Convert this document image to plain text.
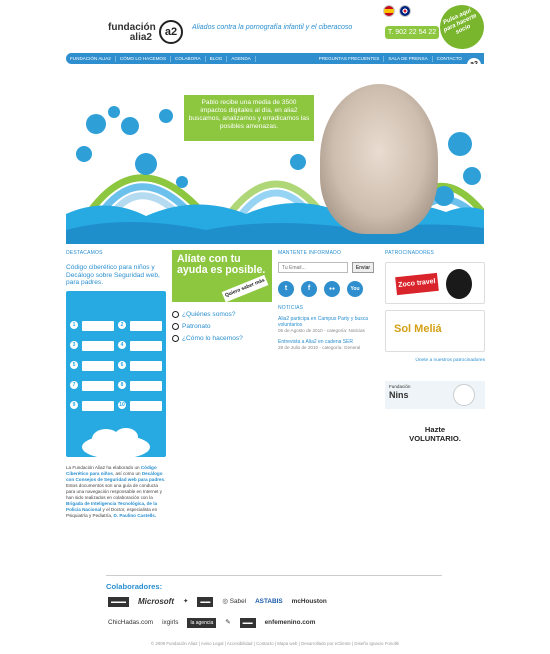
fundación
alia2	a2	Aliados contra la pornografía infantil y el ciberacoso
T. 902 22 54 22
Pulsa aquí para hacerte socio
FUNDACIÓN ALIA2	CÓMO LO HACEMOS	COLABORA	BLOG	AGENDA	PREGUNTAS FRECUENTES	SALA DE PRENSA	CONTACTO
Pablo recibe una media de 3500 impactos digitales al día, en alia2 buscamos, analizamos y erradicamos las posibles amenazas.
DESTACAMOS
Código ciberético para niños y Decálogo sobre Seguridad web, para padres.
1	2
3	4
5	6
7	8
9	10
La Fundación Alia2 ha elaborado un Código Ciberético para niños, así como un Decálogo con Consejos de Seguridad web para padres. Estos documentos son una guía de conducta para una navegación responsable en Internet y han sido realizados en colaboración con la Brigada de Inteligencia Tecnológica, de la Policía Nacional y el Doctor, especialista en Psiquiatría y Pediatría, D. Paulino Castells.
Alíate con tu ayuda es posible.
Quiero saber más
¿Quiénes somos?
Patronato
¿Cómo lo hacemos?
MANTENTE INFORMADO
Tu Email...
Enviar
t	f	●●	You
NOTICIAS
Alia2 participa en Campus Party y busca voluntarios
05 de Agosto de 2010 - categoría: Noticias
Entrevista a Alia2 en cadena SER
28 de Julio de 2010 - categoría: General
PATROCINADORES
Zoco travel
Sol Meliá
Únete a nuestros patrocinadores
Fundación
Nins
Hazte
VOLUNTARIO.
Colaboradores:
▬▬▬	Microsoft ✦	▬▬	◎ Sabel ASTABIS mcHouston
ChicHadas.com ixgirls	la agencia	✎	▬▬	enfemenino.com
© 2009 Fundación Alia2 | Aviso Legal | Accesibilidad | Contacto | Mapa web | Desarrollado por eCliente | Diseño Ignacio Fonollé
